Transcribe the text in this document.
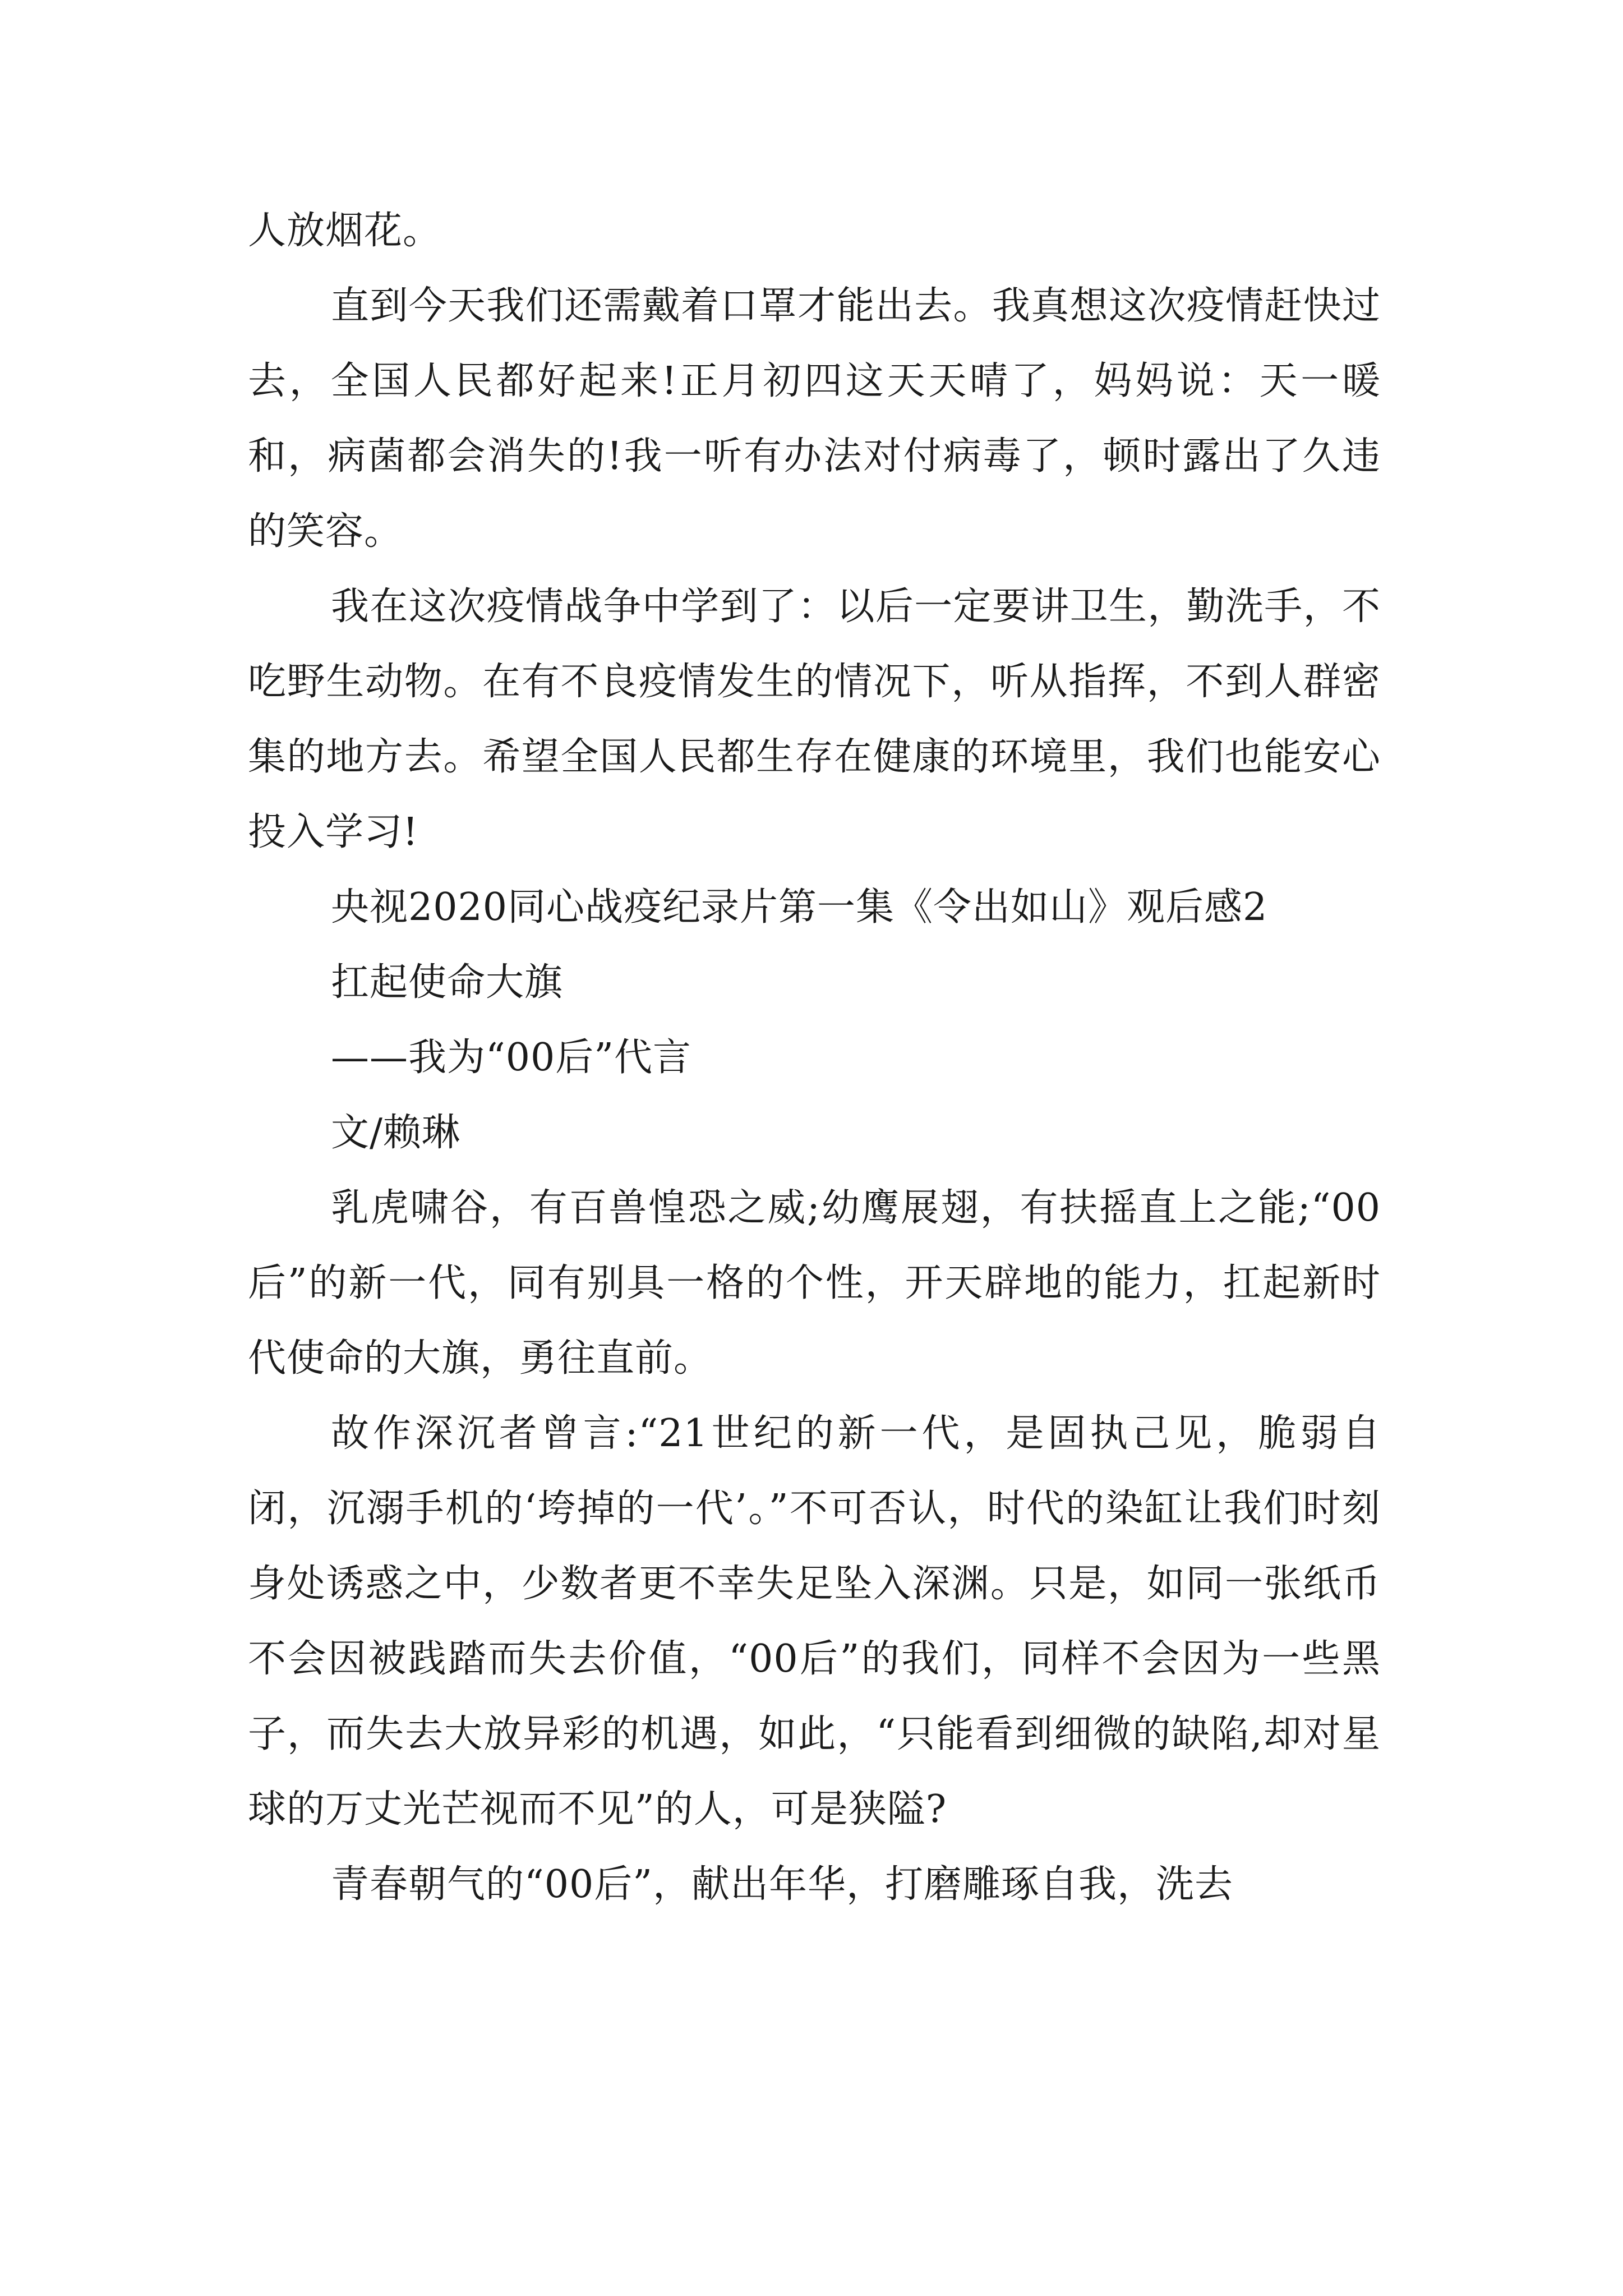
人放烟花。

直到今天我们还需戴着口罩才能出去。我真想这次疫情赶快过去，全国人民都好起来!正月初四这天天晴了，妈妈说：天一暖和，病菌都会消失的!我一听有办法对付病毒了，顿时露出了久违的笑容。

我在这次疫情战争中学到了：以后一定要讲卫生，勤洗手，不吃野生动物。在有不良疫情发生的情况下，听从指挥，不到人群密集的地方去。希望全国人民都生存在健康的环境里，我们也能安心投入学习!

央视2020同心战疫纪录片第一集《令出如山》观后感2

扛起使命大旗

——我为“00后”代言

文/赖琳

乳虎啸谷，有百兽惶恐之威;幼鹰展翅，有扶摇直上之能;“00后”的新一代，同有别具一格的个性，开天辟地的能力，扛起新时代使命的大旗，勇往直前。

故作深沉者曾言:“21世纪的新一代，是固执己见，脆弱自闭，沉溺手机的‘垮掉的一代’。”不可否认，时代的染缸让我们时刻身处诱惑之中，少数者更不幸失足坠入深渊。只是，如同一张纸币不会因被践踏而失去价值，“00后”的我们，同样不会因为一些黑子，而失去大放异彩的机遇，如此，“只能看到细微的缺陷,却对星球的万丈光芒视而不见”的人，可是狭隘?

青春朝气的“00后”，献出年华，打磨雕琢自我，洗去
